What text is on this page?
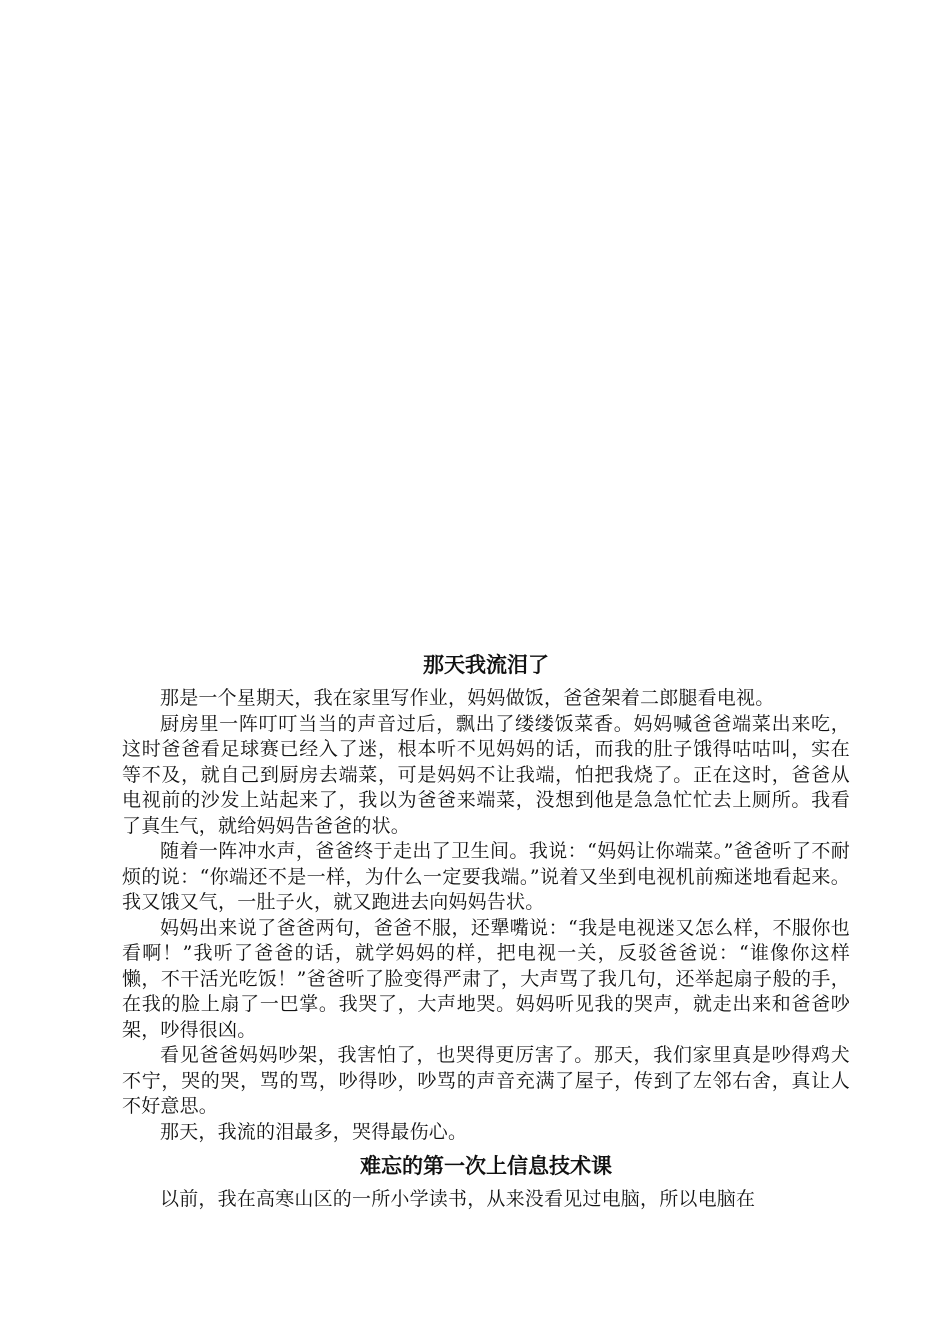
那天我流泪了

那是一个星期天，我在家里写作业，妈妈做饭，爸爸架着二郎腿看电视。

厨房里一阵叮叮当当的声音过后，飘出了缕缕饭菜香。妈妈喊爸爸端菜出来吃，这时爸爸看足球赛已经入了迷，根本听不见妈妈的话，而我的肚子饿得咕咕叫，实在等不及，就自己到厨房去端菜，可是妈妈不让我端，怕把我烧了。正在这时，爸爸从电视前的沙发上站起来了，我以为爸爸来端菜，没想到他是急急忙忙去上厕所。我看了真生气，就给妈妈告爸爸的状。

随着一阵冲水声，爸爸终于走出了卫生间。我说：“妈妈让你端菜。”爸爸听了不耐烦的说：“你端还不是一样，为什么一定要我端。”说着又坐到电视机前痴迷地看起来。我又饿又气，一肚子火，就又跑进去向妈妈告状。

妈妈出来说了爸爸两句，爸爸不服，还犟嘴说：“我是电视迷又怎么样，不服你也看啊！”我听了爸爸的话，就学妈妈的样，把电视一关，反驳爸爸说：“谁像你这样懒，不干活光吃饭！”爸爸听了脸变得严肃了，大声骂了我几句，还举起扇子般的手，在我的脸上扇了一巴掌。我哭了，大声地哭。妈妈听见我的哭声，就走出来和爸爸吵架，吵得很凶。

看见爸爸妈妈吵架，我害怕了，也哭得更厉害了。那天，我们家里真是吵得鸡犬不宁，哭的哭，骂的骂，吵得吵，吵骂的声音充满了屋子，传到了左邻右舍，真让人不好意思。

那天，我流的泪最多，哭得最伤心。

难忘的第一次上信息技术课

以前，我在高寒山区的一所小学读书，从来没看见过电脑，所以电脑在
